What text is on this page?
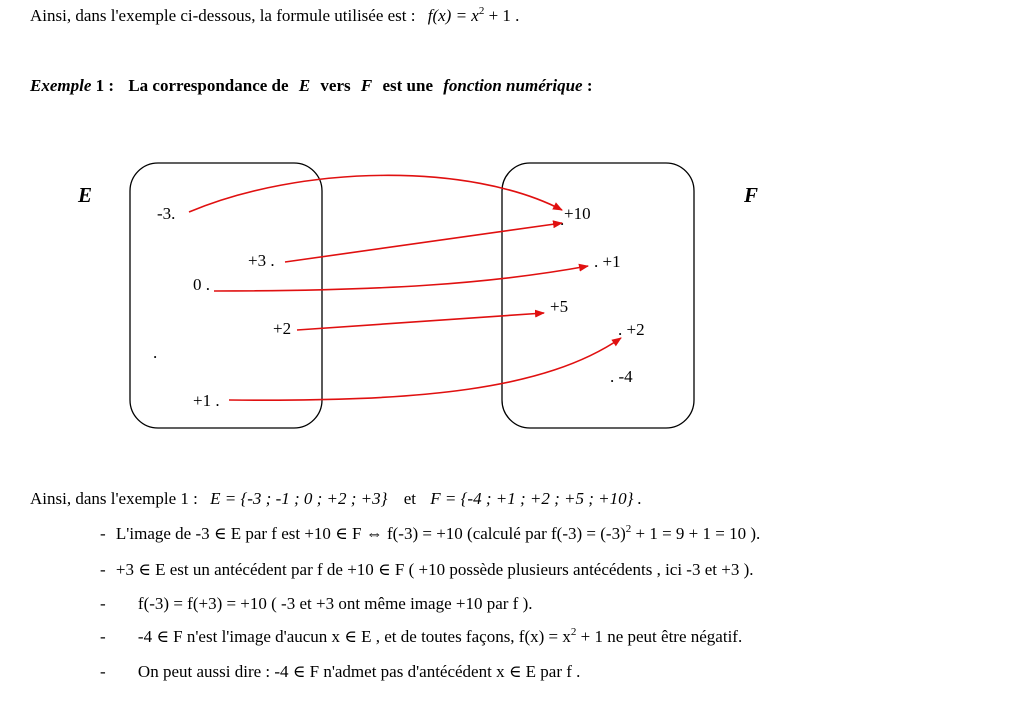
Ainsi, dans l'exemple ci-dessous, la formule utilisée est : $f(x) = x^2 + 1$ .
Exemple 1 : La correspondance de E vers F est une fonction numérique :
E	F
-3.
+3 .
0 .
+2
.
+1 .
+10
. +1
+5
. +2
. -4
.
Ainsi, dans l'exemple 1 : E = {-3 ; -1 ; 0 ; +2 ; +3} et F = {-4 ; +1 ; +2 ; +5 ; +10} .
- L'image de -3 ∈ E par f est +10 ∈ F ⇔ f(-3) = +10 (calculé par $f(-3) = (-3)^2 + 1 = 9 + 1 = 10$ ).
- +3 ∈ E est un antécédent par f de +10 ∈ F ( +10 possède plusieurs antécédents , ici -3 et +3 ).
- f(-3) = f(+3) = +10 ( -3 et +3 ont même image +10 par f ).
- -4 ∈ F n'est l'image d'aucun x ∈ E , et de toutes façons, $f(x) = x^2 + 1$ ne peut être négatif.
- On peut aussi dire : -4 ∈ F n'admet pas d'antécédent x ∈ E par f .
